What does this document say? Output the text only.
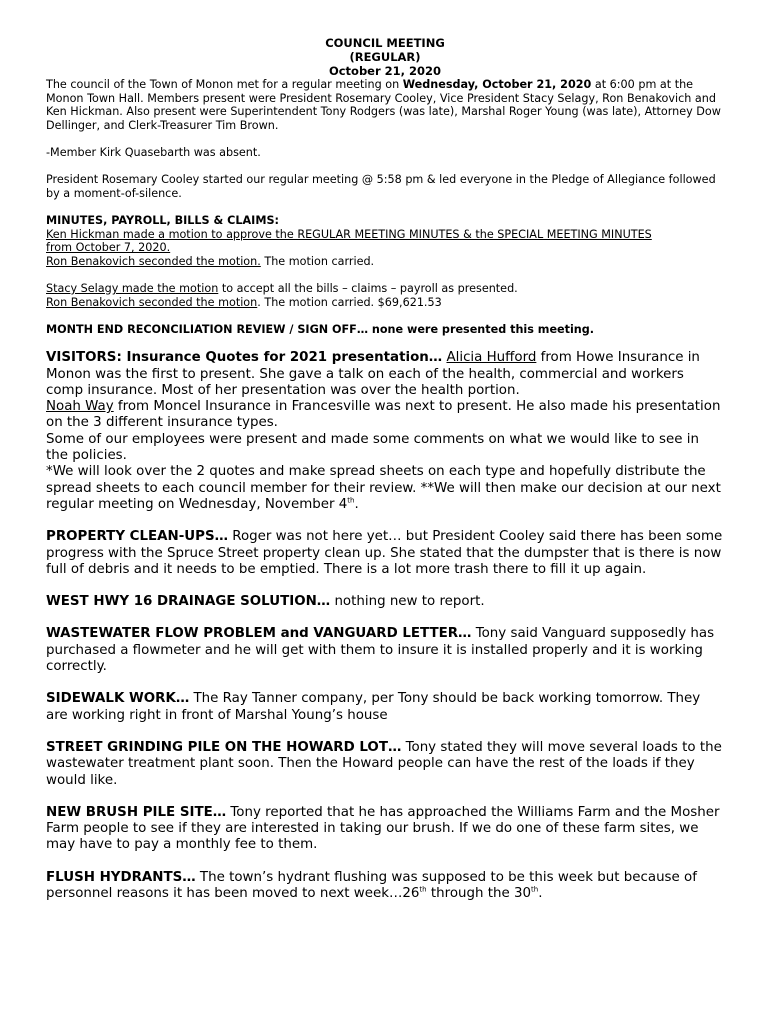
COUNCIL MEETING
(REGULAR)
October 21, 2020

The council of the Town of Monon met for a regular meeting on Wednesday, October 21, 2020 at 6:00 pm at the Monon Town Hall. Members present were President Rosemary Cooley, Vice President Stacy Selagy, Ron Benakovich and Ken Hickman. Also present were Superintendent Tony Rodgers (was late), Marshal Roger Young (was late), Attorney Dow Dellinger, and Clerk-Treasurer Tim Brown.

-Member Kirk Quasebarth was absent.

President Rosemary Cooley started our regular meeting @ 5:58 pm & led everyone in the Pledge of Allegiance followed by a moment-of-silence.

MINUTES, PAYROLL, BILLS & CLAIMS:

Ken Hickman made a motion to approve the REGULAR MEETING MINUTES & the SPECIAL MEETING MINUTES
from October 7, 2020.
Ron Benakovich seconded the motion. The motion carried.

Stacy Selagy made the motion to accept all the bills – claims – payroll as presented.
Ron Benakovich seconded the motion. The motion carried. $69,621.53

MONTH END RECONCILIATION REVIEW / SIGN OFF… none were presented this meeting.

VISITORS: Insurance Quotes for 2021 presentation… Alicia Hufford from Howe Insurance in Monon was the first to present. She gave a talk on each of the health, commercial and workers comp insurance. Most of her presentation was over the health portion.

Noah Way from Moncel Insurance in Francesville was next to present. He also made his presentation on the 3 different insurance types.

Some of our employees were present and made some comments on what we would like to see in the policies.

*We will look over the 2 quotes and make spread sheets on each type and hopefully distribute the spread sheets to each council member for their review. **We will then make our decision at our next regular meeting on Wednesday, November 4th.

PROPERTY CLEAN-UPS… Roger was not here yet… but President Cooley said there has been some progress with the Spruce Street property clean up. She stated that the dumpster that is there is now full of debris and it needs to be emptied. There is a lot more trash there to fill it up again.

WEST HWY 16 DRAINAGE SOLUTION… nothing new to report.

WASTEWATER FLOW PROBLEM and VANGUARD LETTER… Tony said Vanguard supposedly has purchased a flowmeter and he will get with them to insure it is installed properly and it is working correctly.

SIDEWALK WORK… The Ray Tanner company, per Tony should be back working tomorrow. They are working right in front of Marshal Young’s house

STREET GRINDING PILE ON THE HOWARD LOT… Tony stated they will move several loads to the wastewater treatment plant soon. Then the Howard people can have the rest of the loads if they would like.

NEW BRUSH PILE SITE… Tony reported that he has approached the Williams Farm and the Mosher Farm people to see if they are interested in taking our brush. If we do one of these farm sites, we may have to pay a monthly fee to them.

FLUSH HYDRANTS… The town’s hydrant flushing was supposed to be this week but because of personnel reasons it has been moved to next week…26th through the 30th.
